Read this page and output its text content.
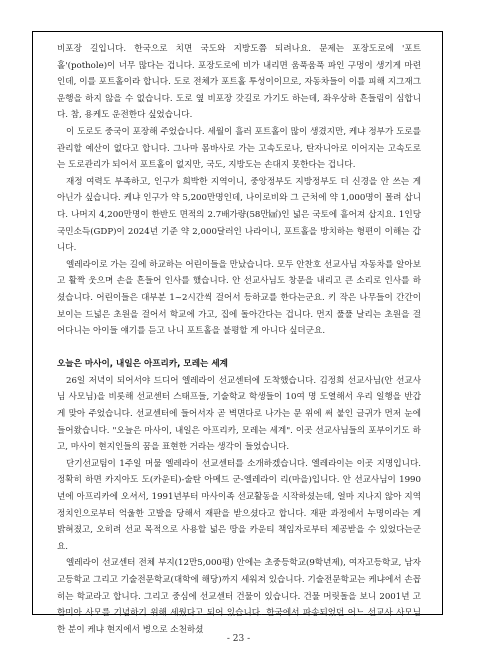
비포장 길입니다. 한국으로 치면 국도와 지방도쯤 되려나요. 문제는 포장도로에 '포트홀'(pothole)이 너무 많다는 겁니다. 포장도로에 비가 내리면 움푹움푹 파인 구멍이 생기게 마련인데, 이를 포트홀이라 합니다. 도로 전체가 포트홀 투성이이므로, 자동차들이 이를 피해 지그재그 운행을 하지 않을 수 없습니다. 도로 옆 비포장 갓길로 가기도 하는데, 좌우상하 흔들림이 심합니다. 참, 용케도 운전한다 싶었습니다.

이 도로도 중국이 포장해 주었습니다. 세월이 흘러 포트홀이 많이 생겼지만, 케냐 정부가 도로를 관리할 예산이 없다고 합니다. 그나마 몸바사로 가는 고속도로나, 탄자니아로 이어지는 고속도로는 도로관리가 되어서 포트홀이 없지만, 국도, 지방도는 손대지 못한다는 겁니다.

재정 여력도 부족하고, 인구가 희박한 지역이니, 중앙정부도 지방정부도 더 신경을 안 쓰는 게 아닌가 싶습니다. 케냐 인구가 약 5,200만명인데, 나이로비와 그 근처에 약 1,000명이 몰려 삽니다. 나머지 4,200만명이 한반도 면적의 2.7배가량(58만㎢)인 넓은 국토에 흩어져 삽지요. 1인당 국민소득(GDP)이 2024년 기준 약 2,000달러인 나라이니, 포트홀을 방치하는 형편이 이해는 갑니다.

엘레라이로 가는 길에 하교하는 어린이들을 만났습니다. 모두 안찬호 선교사님 자동차를 알아보고 활짝 웃으며 손을 흔들어 인사를 했습니다. 안 선교사님도 창문을 내리고 큰 소리로 인사를 하셨습니다. 어린이들은 대부분 1~2시간씩 걸어서 등하교를 한다는군요. 키 작은 나무들이 간간이 보이는 드넓은 초원을 걸어서 학교에 가고, 집에 돌아간다는 겁니다. 먼지 풀풀 날리는 초원을 걸어다니는 아이들 얘기를 듣고 나니 포트홀을 불평할 게 아니다 싶더군요.

오늘은 마사이, 내일은 아프리카, 모레는 세계

26일 저녁이 되어서야 드디어 엘레라이 선교센터에 도착했습니다. 김정희 선교사님(안 선교사님 사모님)을 비롯해 선교센터 스태프들, 기술학교 학생들이 10여 명 도열해서 우리 일행을 반갑게 맞아 주었습니다. 선교센터에 들어서자 곧 벽면다로 나가는 문 위에 써 붙인 글귀가 먼저 눈에 들어왔습니다. "오늘은 마사이, 내일은 아프리카, 모레는 세계". 이곳 선교사님들의 포부이기도 하고, 마사이 현지인들의 꿈을 표현한 거라는 생각이 들었습니다.

단기선교팀이 1주일 머물 엘레라이 선교센터를 소개하겠습니다. 엘레라이는 이곳 지명입니다. 정확히 하면 카지아도 도(카운티)-술탄 아메드 군-엘레라이 리(마을)입니다. 안 선교사님이 1990년에 아프리카에 오셔서, 1991년부터 마사이족 선교활동을 시작하셨는데, 얼마 지나지 않아 지역 정치인으로부터 억울한 고발을 당해서 재판을 받으셨다고 합니다. 재판 과정에서 누명이라는 게 밝혀졌고, 오히려 선교 목적으로 사용할 넓은 땅을 카운티 책임자로부터 제공받을 수 있었다는군요.

엘레라이 선교센터 전체 부지(12만5,000평) 안에는 초중등학교(9학년제), 여자고등학교, 남자고등학교 그리고 기술전문학교(대학에 해당)까지 세워져 있습니다. 기술전문학교는 케냐에서 손꼽히는 학교라고 합니다. 그리고 중심에 선교센터 건물이 있습니다. 건물 머릿돌을 보니 2001년 고 한미아 사모를 기념하기 위해 세웠다고 되어 있습니다. 한국에서 파송되었던 어느 선교사 사모님 한 분이 케냐 현지에서 병으로 소천하셨

- 23 -
